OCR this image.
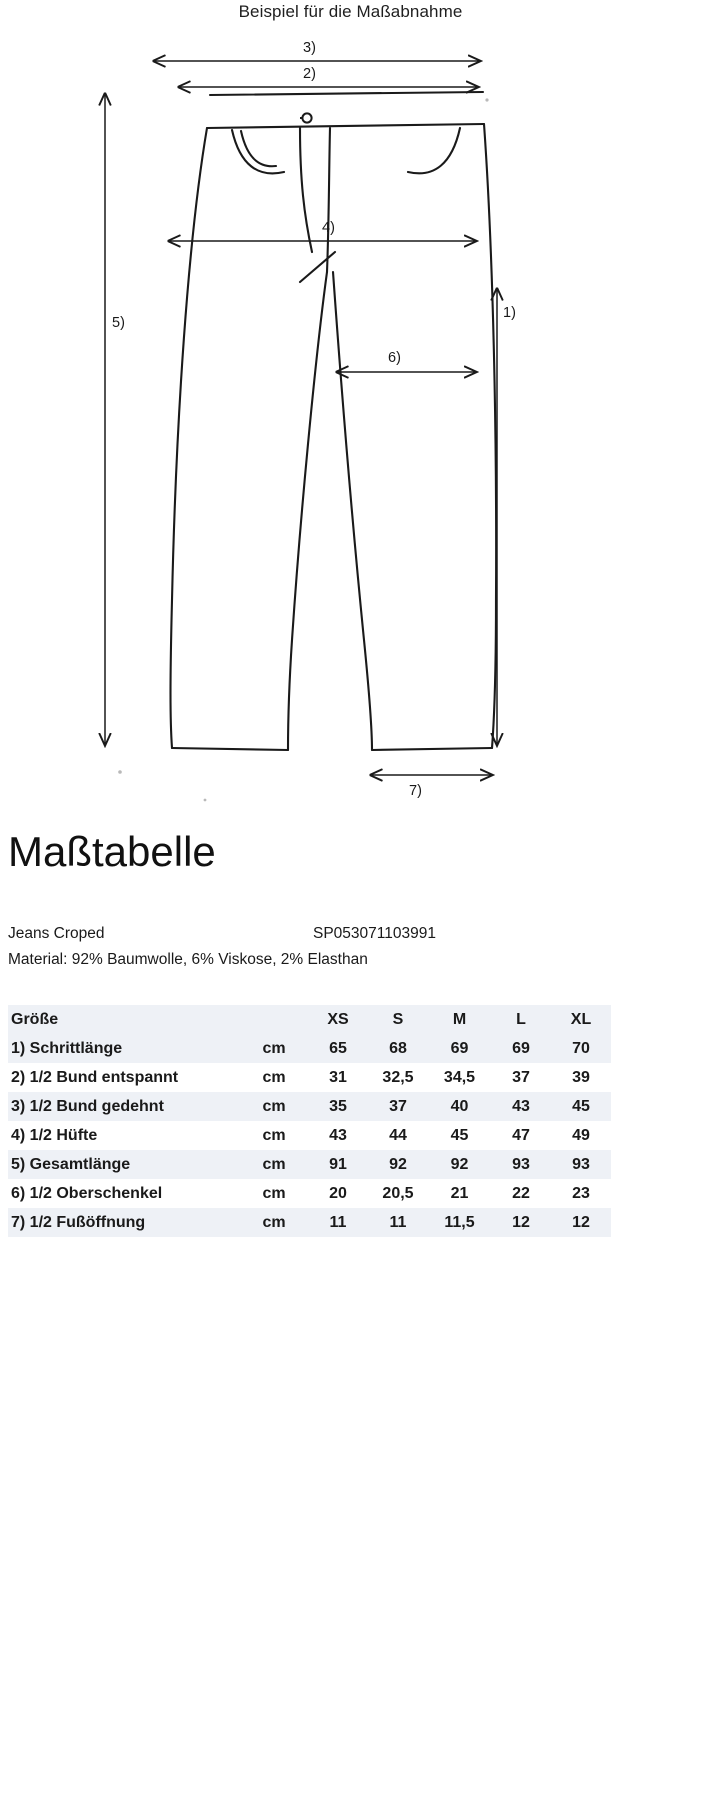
Beispiel für die Maßabnahme
3)
2)
4)
5)
1)
6)
7)
Maßtabelle
Jeans Croped	SP053071103991
Material: 92% Baumwolle, 6% Viskose, 2% Elasthan
Größe		XS	S	M	L	XL
1) Schrittlänge	cm	65	68	69	69	70
2) 1/2 Bund entspannt	cm	31	32,5	34,5	37	39
3) 1/2 Bund gedehnt	cm	35	37	40	43	45
4) 1/2 Hüfte	cm	43	44	45	47	49
5) Gesamtlänge	cm	91	92	92	93	93
6) 1/2 Oberschenkel	cm	20	20,5	21	22	23
7) 1/2 Fußöffnung	cm	11	11	11,5	12	12
